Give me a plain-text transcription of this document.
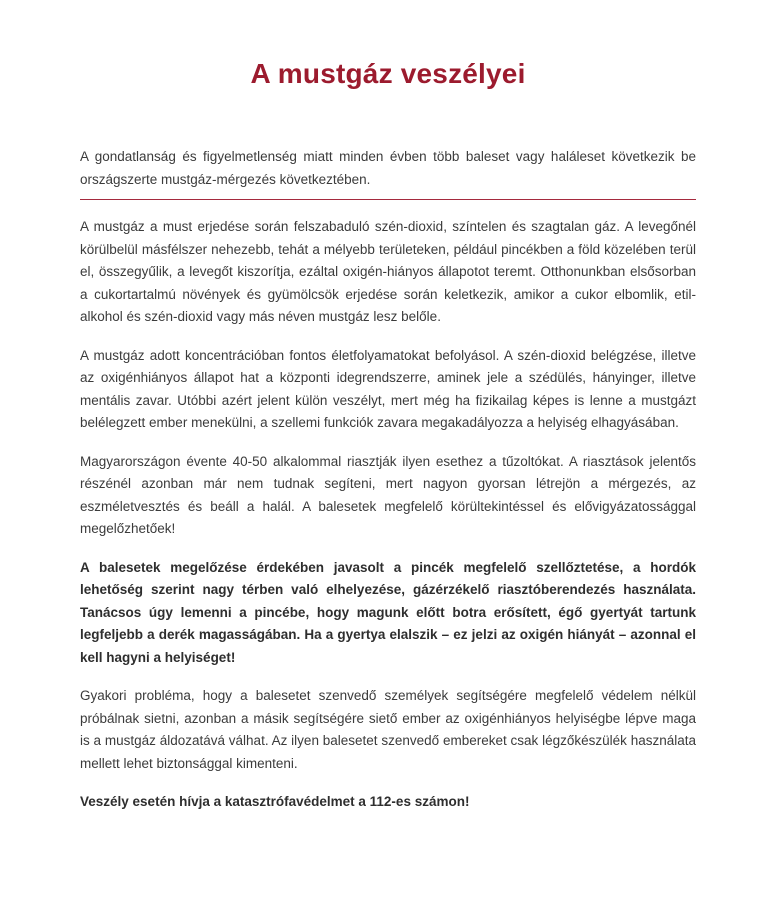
A mustgáz veszélyei

A gondatlanság és figyelmetlenség miatt minden évben több baleset vagy haláleset következik be országszerte mustgáz-mérgezés következtében.

A mustgáz a must erjedése során felszabaduló szén-dioxid, színtelen és szagtalan gáz. A levegőnél körülbelül másfélszer nehezebb, tehát a mélyebb területeken, például pincékben a föld közelében terül el, összegyűlik, a levegőt kiszorítja, ezáltal oxigén-hiányos állapotot teremt. Otthonunkban elsősorban a cukortartalmú növények és gyümölcsök erjedése során keletkezik, amikor a cukor elbomlik, etil-alkohol és szén-dioxid vagy más néven mustgáz lesz belőle.

A mustgáz adott koncentrációban fontos életfolyamatokat befolyásol. A szén-dioxid belégzése, illetve az oxigénhiányos állapot hat a központi idegrendszerre, aminek jele a szédülés, hányinger, illetve mentális zavar. Utóbbi azért jelent külön veszélyt, mert még ha fizikailag képes is lenne a mustgázt belélegzett ember menekülni, a szellemi funkciók zavara megakadályozza a helyiség elhagyásában.

Magyarországon évente 40-50 alkalommal riasztják ilyen esethez a tűzoltókat. A riasztások jelentős részénél azonban már nem tudnak segíteni, mert nagyon gyorsan létrejön a mérgezés, az eszméletvesztés és beáll a halál. A balesetek megfelelő körültekintéssel és elővigyázatossággal megelőzhetőek!

A balesetek megelőzése érdekében javasolt a pincék megfelelő szellőztetése, a hordók lehetőség szerint nagy térben való elhelyezése, gázérzékelő riasztóberendezés használata. Tanácsos úgy lemenni a pincébe, hogy magunk előtt botra erősített, égő gyertyát tartunk legfeljebb a derék magasságában. Ha a gyertya elalszik – ez jelzi az oxigén hiányát – azonnal el kell hagyni a helyiséget!

Gyakori probléma, hogy a balesetet szenvedő személyek segítségére megfelelő védelem nélkül próbálnak sietni, azonban a másik segítségére siető ember az oxigénhiányos helyiségbe lépve maga is a mustgáz áldozatává válhat. Az ilyen balesetet szenvedő embereket csak légzőkészülék használata mellett lehet biztonsággal kimenteni.

Veszély esetén hívja a katasztrófavédelmet a 112-es számon!
